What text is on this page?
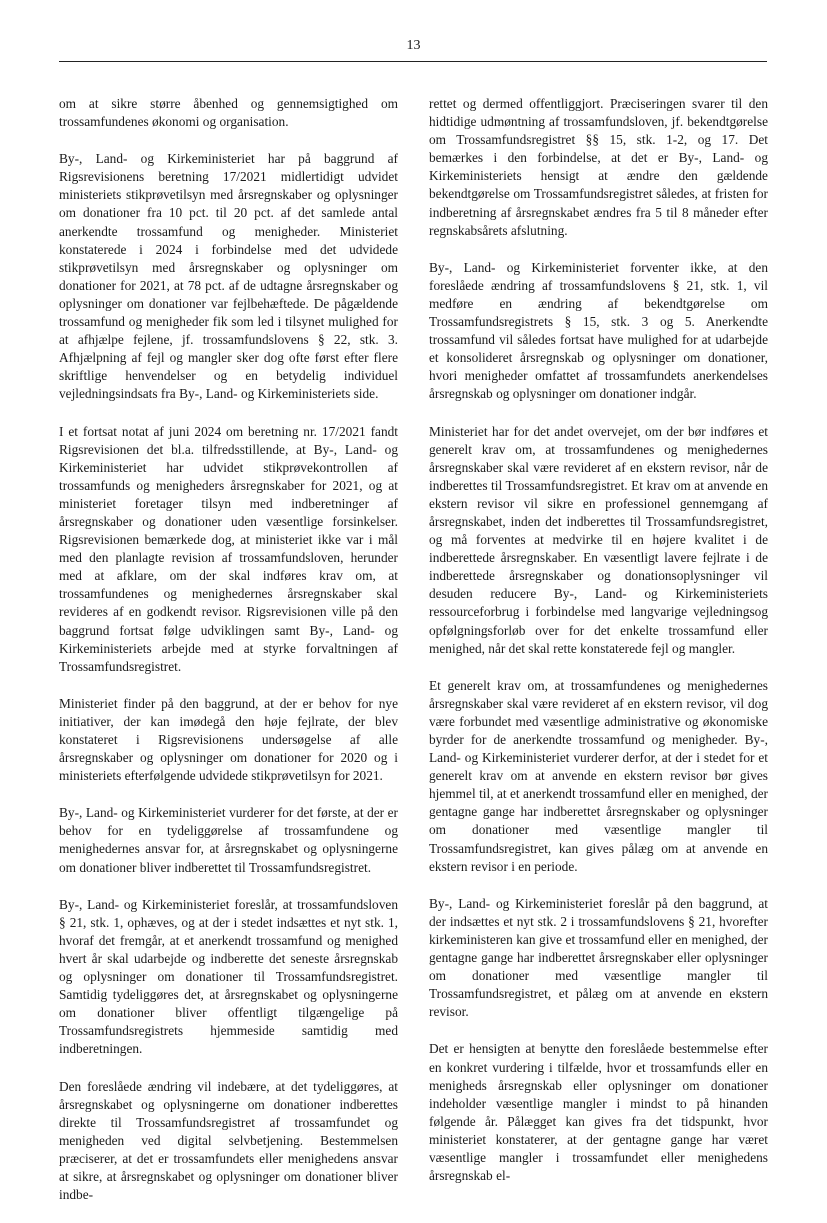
13

om at sikre større åbenhed og gennemsigtighed om trossamfundenes økonomi og organisation.

By-, Land- og Kirkeministeriet har på baggrund af Rigsrevisionens beretning 17/2021 midlertidigt udvidet ministeriets stikprøvetilsyn med årsregnskaber og oplysninger om donationer fra 10 pct. til 20 pct. af det samlede antal anerkendte trossamfund og menigheder. Ministeriet konstaterede i 2024 i forbindelse med det udvidede stikprøvetilsyn med årsregnskaber og oplysninger om donationer for 2021, at 78 pct. af de udtagne årsregnskaber og oplysninger om donationer var fejlbehæftede. De pågældende trossamfund og menigheder fik som led i tilsynet mulighed for at afhjælpe fejlene, jf. trossamfundslovens § 22, stk. 3. Afhjælpning af fejl og mangler sker dog ofte først efter flere skriftlige henvendelser og en betydelig individuel vejledningsindsats fra By-, Land- og Kirkeministeriets side.

I et fortsat notat af juni 2024 om beretning nr. 17/2021 fandt Rigsrevisionen det bl.a. tilfredsstillende, at By-, Land- og Kirkeministeriet har udvidet stikprøvekontrollen af trossamfunds og menigheders årsregnskaber for 2021, og at ministeriet foretager tilsyn med indberetninger af årsregnskaber og donationer uden væsentlige forsinkelser. Rigsrevisionen bemærkede dog, at ministeriet ikke var i mål med den planlagte revision af trossamfundsloven, herunder med at afklare, om der skal indføres krav om, at trossamfundenes og menighedernes årsregnskaber skal revideres af en godkendt revisor. Rigsrevisionen ville på den baggrund fortsat følge udviklingen samt By-, Land- og Kirkeministeriets arbejde med at styrke forvaltningen af Trossamfundsregistret.

Ministeriet finder på den baggrund, at der er behov for nye initiativer, der kan imødegå den høje fejlrate, der blev konstateret i Rigsrevisionens undersøgelse af alle årsregnskaber og oplysninger om donationer for 2020 og i ministeriets efterfølgende udvidede stikprøvetilsyn for 2021.

By-, Land- og Kirkeministeriet vurderer for det første, at der er behov for en tydeliggørelse af trossamfundene og menighedernes ansvar for, at årsregnskabet og oplysningerne om donationer bliver indberettet til Trossamfundsregistret.

By-, Land- og Kirkeministeriet foreslår, at trossamfundsloven § 21, stk. 1, ophæves, og at der i stedet indsættes et nyt stk. 1, hvoraf det fremgår, at et anerkendt trossamfund og menighed hvert år skal udarbejde og indberette det seneste årsregnskab og oplysninger om donationer til Trossamfundsregistret. Samtidig tydeliggøres det, at årsregnskabet og oplysningerne om donationer bliver offentligt tilgængelige på Trossamfundsregistrets hjemmeside samtidig med indberetningen.

Den foreslåede ændring vil indebære, at det tydeliggøres, at årsregnskabet og oplysningerne om donationer indberettes direkte til Trossamfundsregistret af trossamfundet og menigheden ved digital selvbetjening. Bestemmelsen præciserer, at det er trossamfundets eller menighedens ansvar at sikre, at årsregnskabet og oplysninger om donationer bliver indbe-

rettet og dermed offentliggjort. Præciseringen svarer til den hidtidige udmøntning af trossamfundsloven, jf. bekendtgørelse om Trossamfundsregistret §§ 15, stk. 1-2, og 17. Det bemærkes i den forbindelse, at det er By-, Land- og Kirkeministeriets hensigt at ændre den gældende bekendtgørelse om Trossamfundsregistret således, at fristen for indberetning af årsregnskabet ændres fra 5 til 8 måneder efter regnskabsårets afslutning.

By-, Land- og Kirkeministeriet forventer ikke, at den foreslåede ændring af trossamfundslovens § 21, stk. 1, vil medføre en ændring af bekendtgørelse om Trossamfundsregistrets § 15, stk. 3 og 5. Anerkendte trossamfund vil således fortsat have mulighed for at udarbejde et konsolideret årsregnskab og oplysninger om donationer, hvori menigheder omfattet af trossamfundets anerkendelses årsregnskab og oplysninger om donationer indgår.

Ministeriet har for det andet overvejet, om der bør indføres et generelt krav om, at trossamfundenes og menighedernes årsregnskaber skal være revideret af en ekstern revisor, når de indberettes til Trossamfundsregistret. Et krav om at anvende en ekstern revisor vil sikre en professionel gennemgang af årsregnskabet, inden det indberettes til Trossamfundsregistret, og må forventes at medvirke til en højere kvalitet i de indberettede årsregnskaber. En væsentligt lavere fejlrate i de indberettede årsregnskaber og donationsoplysninger vil desuden reducere By-, Land- og Kirkeministeriets ressourceforbrug i forbindelse med langvarige vejledningsog opfølgningsforløb over for det enkelte trossamfund eller menighed, når det skal rette konstaterede fejl og mangler.

Et generelt krav om, at trossamfundenes og menighedernes årsregnskaber skal være revideret af en ekstern revisor, vil dog være forbundet med væsentlige administrative og økonomiske byrder for de anerkendte trossamfund og menigheder. By-, Land- og Kirkeministeriet vurderer derfor, at der i stedet for et generelt krav om at anvende en ekstern revisor bør gives hjemmel til, at et anerkendt trossamfund eller en menighed, der gentagne gange har indberettet årsregnskaber og oplysninger om donationer med væsentlige mangler til Trossamfundsregistret, kan gives pålæg om at anvende en ekstern revisor i en periode.

By-, Land- og Kirkeministeriet foreslår på den baggrund, at der indsættes et nyt stk. 2 i trossamfundslovens § 21, hvorefter kirkeministeren kan give et trossamfund eller en menighed, der gentagne gange har indberettet årsregnskaber eller oplysninger om donationer med væsentlige mangler til Trossamfundsregistret, et pålæg om at anvende en ekstern revisor.

Det er hensigten at benytte den foreslåede bestemmelse efter en konkret vurdering i tilfælde, hvor et trossamfunds eller en menigheds årsregnskab eller oplysninger om donationer indeholder væsentlige mangler i mindst to på hinanden følgende år. Pålægget kan gives fra det tidspunkt, hvor ministeriet konstaterer, at der gentagne gange har været væsentlige mangler i trossamfundet eller menighedens årsregnskab el-
